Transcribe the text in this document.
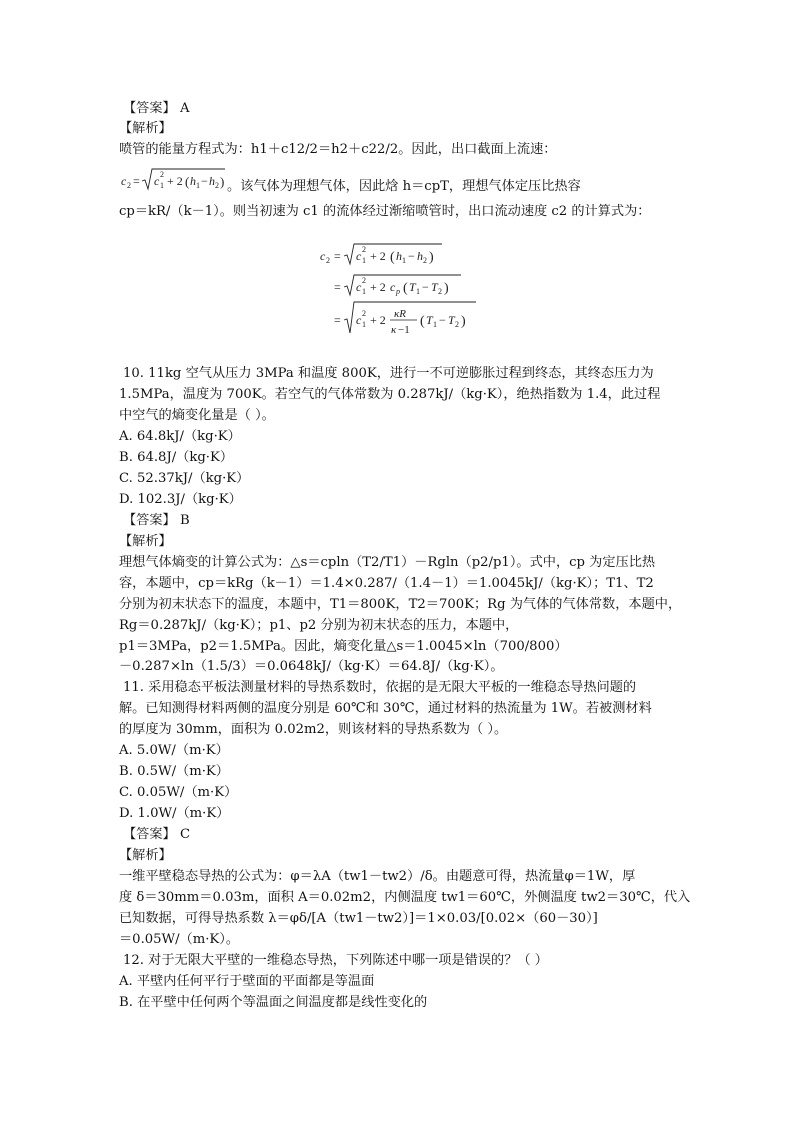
【答案】 A
【解析】
喷管的能量方程式为：h1＋c12/2＝h2＋c22/2。因此，出口截面上流速：
c 2 = c 1
2 + 2 ( h 1 − h 2 ) 。该气体为理想气体，因此焓 h＝cpT，理想气体定压比热容
cp＝kR/（k－1）。则当初速为 c1 的流体经过渐缩喷管时，出口流动速度 c2 的计算式为：
c 2 = c 1
2 + 2 ( h 1 − h 2 )
= c 1
2 + 2 c p ( T 1 − T 2 )
= c 1
2 + 2 κR
κ −1
( T 1 − T 2 )
10. 11kg 空气从压力 3MPa 和温度 800K，进行一不可逆膨胀过程到终态，其终态压力为
1.5MPa，温度为 700K。若空气的气体常数为 0.287kJ/（kg·K），绝热指数为 1.4，此过程
中空气的熵变化量是（ ）。
A. 64.8kJ/（kg·K）
B. 64.8J/（kg·K）
C. 52.37kJ/（kg·K）
D. 102.3J/（kg·K）
【答案】 B
【解析】
理想气体熵变的计算公式为：△s＝cpln（T2/T1）－Rgln（p2/p1）。式中，cp 为定压比热
容，本题中，cp＝kRg（k－1）＝1.4×0.287/（1.4－1）＝1.0045kJ/（kg·K）；T1、T2
分别为初末状态下的温度，本题中，T1＝800K，T2＝700K；Rg 为气体的气体常数，本题中，
Rg＝0.287kJ/（kg·K）；p1、p2 分别为初末状态的压力，本题中，
p1＝3MPa，p2＝1.5MPa。因此，熵变化量△s＝1.0045×ln（700/800）
－0.287×ln（1.5/3）＝0.0648kJ/（kg·K）＝64.8J/（kg·K）。
11. 采用稳态平板法测量材料的导热系数时，依据的是无限大平板的一维稳态导热问题的
解。已知测得材料两侧的温度分别是 60℃和 30℃，通过材料的热流量为 1W。若被测材料
的厚度为 30mm，面积为 0.02m2，则该材料的导热系数为（ ）。
A. 5.0W/（m·K）
B. 0.5W/（m·K）
C. 0.05W/（m·K）
D. 1.0W/（m·K）
【答案】 C
【解析】
一维平壁稳态导热的公式为：φ＝λA（tw1－tw2）/δ。由题意可得，热流量φ＝1W，厚
度 δ＝30mm＝0.03m，面积 A＝0.02m2，内侧温度 tw1＝60℃，外侧温度 tw2＝30℃，代入
已知数据，可得导热系数 λ＝φδ/[A（tw1－tw2）]＝1×0.03/[0.02×（60－30）]
＝0.05W/（m·K）。
12. 对于无限大平壁的一维稳态导热，下列陈述中哪一项是错误的？（ ）
A. 平壁内任何平行于壁面的平面都是等温面
B. 在平壁中任何两个等温面之间温度都是线性变化的
